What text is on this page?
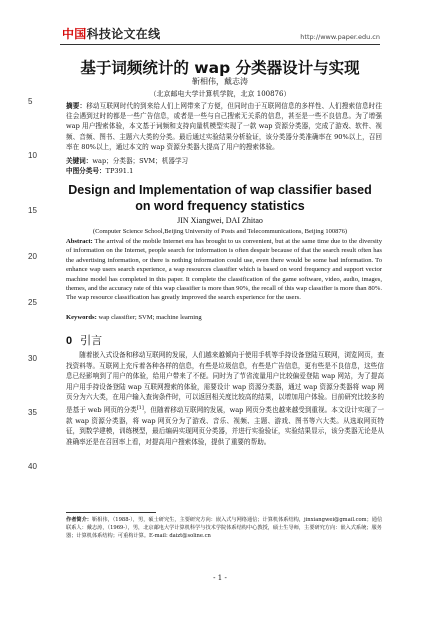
中国科技论文在线	http://www.paper.edu.cn
基于词频统计的 wap 分类器设计与实现
靳相伟，戴志涛
（北京邮电大学计算机学院，北京 100876）
5
10
15
20
25
30
35
40
摘要：移动互联网时代的到来给人们上网带来了方便，但同时由于互联网信息的多样性、人们搜索信息时往往会遇到过时的都是一些广告信息，或者是一些与自己搜索无关系的信息，甚至是一些不良信息。为了增强 wap 用户搜索体验，本文基于词频和支持向量机模型实现了一款 wap 资源分类器，完成了游戏、软件、视频、音频、图书、主题六大类的分类。最后通过实验结果分析验证，该分类器分类准确率在 90%以上，召回率在 80%以上，通过本文的 wap 资源分类器大提高了用户的搜索体验。
关键词：wap；分类器；SVM；机器学习
中图分类号：TP391.1
Design and Implementation of wap classifier based on word frequency statistics
JIN Xiangwei, DAI Zhitao
(Computer Science School,Beijing University of Posts and Telecommunications, Beijing 100876)
Abstract: The arrival of the mobile Internet era has brought to us convenient, but at the same time due to the diversity of information on the Internet, people search for information is often despair because of that the search result often has the advertising information, or there is nothing information could use, even there would be some bad information. To enhance wap users search experience, a wap resources classifier which is based on word frequency and support vector machine model has completed in this paper. It complete the classification of the game software, video, audio, images, themes, and the accuracy rate of this wap classifier is more than 90%, the recall of this wap classifier is more than 80%. The wap resource classification has greatly improved the search experience for the users.
Keywords: wap classifier; SVM; machine learning
0 引言
随着嵌入式设备和移动互联网的发展，人们越来越倾向于使用手机等手持设备登陆互联网，浏览网页，查找资料等。互联网上充斥着各种各样的信息，有些是垃圾信息，有些是广告信息，更有些是不良信息，这些信息已经影响到了用户的体验，给用户带来了不便。同时为了节省流量用户比较偏爱登陆 wap 网站，为了提高用户用手持设备登陆 wap 互联网搜索的体验，需要设计 wap 资源分类器，通过 wap 资源分类器将 wap 网页分为六大类，在用户输入查询条件时，可以返回相关度比较高的结果，以增加用户体验。目前研究比较多的是基于 web 网页的分类[1]，但随着移动互联网的发展，wap 网页分类也越来越受到重视。本文设计实现了一款 wap 资源分类器，将 wap 网页分为了游戏、音乐、视频、主题、游戏、图书等六大类。从选取网页特征，到数学建模，训练模型，最后编码实现网页分类器，并进行实验验证，实验结果显示，该分类器无论是从准确率还是在召回率上看，对提高用户搜索体验，提供了重要的帮助。
作者简介：靳相伟，（1988-），男，硕士研究生，主要研究方向：嵌入式与网络通信；计算机体系结构，jinxiangwei@gmail.com；通信联系人：戴志涛，（1969-），男，北京邮电大学计算机科学与技术学院体系结构中心教授，硕士生导师，主要研究方向：嵌入式系统；服务器；计算机体系结构；可重构计算。E-mail: daizt@soline.cn
- 1 -
